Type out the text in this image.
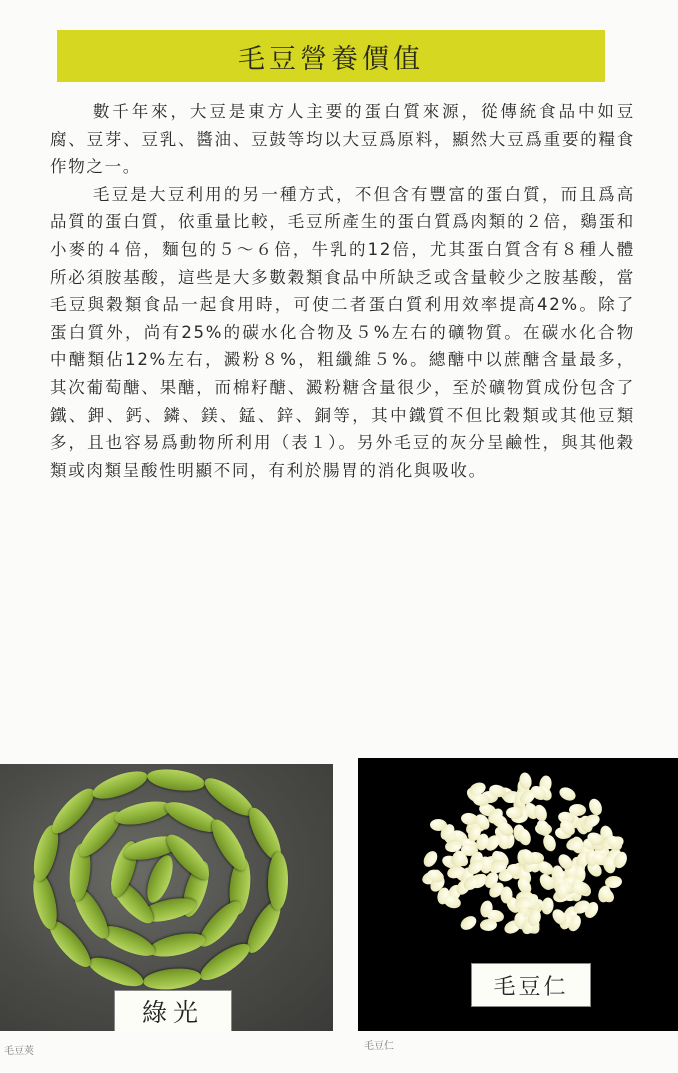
毛豆營養價值

數千年來，大豆是東方人主要的蛋白質來源，從傳統食品中如豆腐、豆芽、豆乳、醬油、豆鼓等均以大豆爲原料，顯然大豆爲重要的糧食作物之一。

毛豆是大豆利用的另一種方式，不但含有豐富的蛋白質，而且爲高品質的蛋白質，依重量比較，毛豆所產生的蛋白質爲肉類的２倍，鷄蛋和小麥的４倍，麵包的５～６倍，牛乳的12倍，尤其蛋白質含有８種人體所必須胺基酸，這些是大多數穀類食品中所缺乏或含量較少之胺基酸，當毛豆與穀類食品一起食用時，可使二者蛋白質利用效率提高42%。除了蛋白質外，尚有25%的碳水化合物及５%左右的礦物質。在碳水化合物中醣類佔12%左右，澱粉８%，粗纖維５%。總醣中以蔗醣含量最多，其次葡萄醣、果醣，而棉籽醣、澱粉糖含量很少，至於礦物質成份包含了鐵、鉀、鈣、鏻、鎂、錳、鋅、銅等，其中鐵質不但比穀類或其他豆類多，且也容易爲動物所利用（表１）。另外毛豆的灰分呈鹼性，與其他穀類或肉類呈酸性明顯不同，有利於腸胃的消化與吸收。

綠光
毛豆仁
毛豆莢	毛豆仁
